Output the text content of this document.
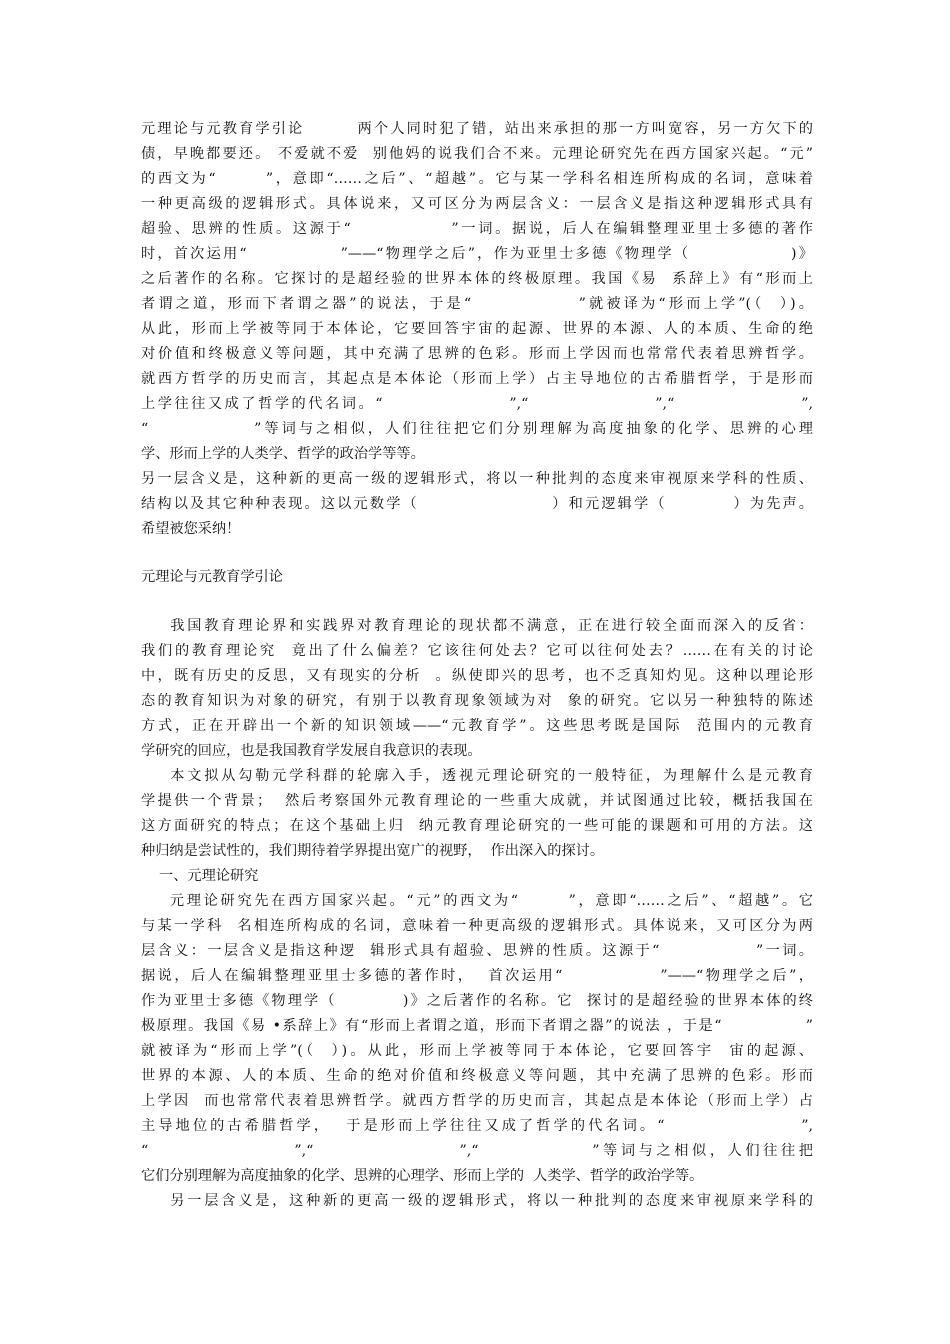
元理论与元教育学引论        两个人同时犯了错，站出来承担的那一方叫宽容，另一方欠下的
债，早晚都要还。 不爱就不爱  别他妈的说我们合不来。元理论研究先在西方国家兴起。“元”
的西文为“       ”，意即“……之后”、“超越”。它与某一学科名相连所构成的名词，意味着
一种更高级的逻辑形式。具体说来，又可区分为两层含义：一层含义是指这种逻辑形式具有
超验、思辨的性质。这源于“              ”一词。据说，后人在编辑整理亚里士多德的著作
时，首次运用“              ”——“物理学之后”，作为亚里士多德《物理学（               )》
之后著作的名称。它探讨的是超经验的世界本体的终极原理。我国《易  系辞上》有“形而上
者谓之道，形而下者谓之器”的说法，于是“              ”就被译为“形而上学”(（  ）)。
从此，形而上学被等同于本体论，它要回答宇宙的起源、世界的本源、人的本质、生命的绝
对价值和终极意义等问题，其中充满了思辨的色彩。形而上学因而也常常代表着思辨哲学。
就西方哲学的历史而言，其起点是本体论（形而上学）占主导地位的古希腊哲学，于是形而
上学往往又成了哲学的代名词。“                  ”,“                  ”,“                  ”,
“              ”等词与之相似，人们往往把它们分别理解为高度抽象的化学、思辨的心理
学、形而上学的人类学、哲学的政治学等等。
另一层含义是，这种新的更高一级的逻辑形式，将以一种批判的态度来审视原来学科的性质、
结构以及其它种种表现。这以元数学（                    ）和元逻辑学（          ）为先声。
希望被您采纳！
元理论与元教育学引论
我国教育理论界和实践界对教育理论的现状都不满意，正在进行较全面而深入的反省：
我们的教育理论究  竟出了什么偏差？它该往何处去？它可以往何处去？……在有关的讨论
中，既有历史的反思，又有现实的分析  。纵使即兴的思考，也不乏真知灼见。这种以理论形
态的教育知识为对象的研究，有别于以教育现象领域为对  象的研究。它以另一种独特的陈述
方式，正在开辟出一个新的知识领域——“元教育学”。这些思考既是国际  范围内的元教育
学研究的回应，也是我国教育学发展自我意识的表现。
本文拟从勾勒元学科群的轮廓入手，透视元理论研究的一般特征，为理解什么是元教育
学提供一个背景；  然后考察国外元教育理论的一些重大成就，并试图通过比较，概括我国在
这方面研究的特点；在这个基础上归  纳元教育理论研究的一些可能的课题和可用的方法。这
种归纳是尝试性的，我们期待着学界提出宽广的视野，  作出深入的探讨。
一、元理论研究
元理论研究先在西方国家兴起。“元”的西文为“       ”，意即“……之后”、“超越”。它
与某一学科  名相连所构成的名词，意味着一种更高级的逻辑形式。具体说来，又可区分为两
层含义：一层含义是指这种逻  辑形式具有超验、思辨的性质。这源于“              ”一词。
据说，后人在编辑整理亚里士多德的著作时，  首次运用“              ”——“物理学之后”，
作为亚里士多德《物理学（          )》之后著作的名称。它  探讨的是超经验的世界本体的终
极原理。我国《易 •系辞上》有“形而上者谓之道，形而下者谓之器”的说法 ，于是“              ”
就被译为“形而上学”(（  ）)。从此，形而上学被等同于本体论，它要回答宇  宙的起源、
世界的本源、人的本质、生命的绝对价值和终极意义等问题，其中充满了思辨的色彩。形而
上学因  而也常常代表着思辨哲学。就西方哲学的历史而言，其起点是本体论（形而上学）占
主导地位的古希腊哲学，  于是形而上学往往又成了哲学的代名词。“                  ”,
“                  ”,“                  ”,“              ”等词与之相似，人们往往把
它们分别理解为高度抽象的化学、思辨的心理学、形而上学的  人类学、哲学的政治学等。
另一层含义是，这种新的更高一级的逻辑形式，将以一种批判的态度来审视原来学科的
